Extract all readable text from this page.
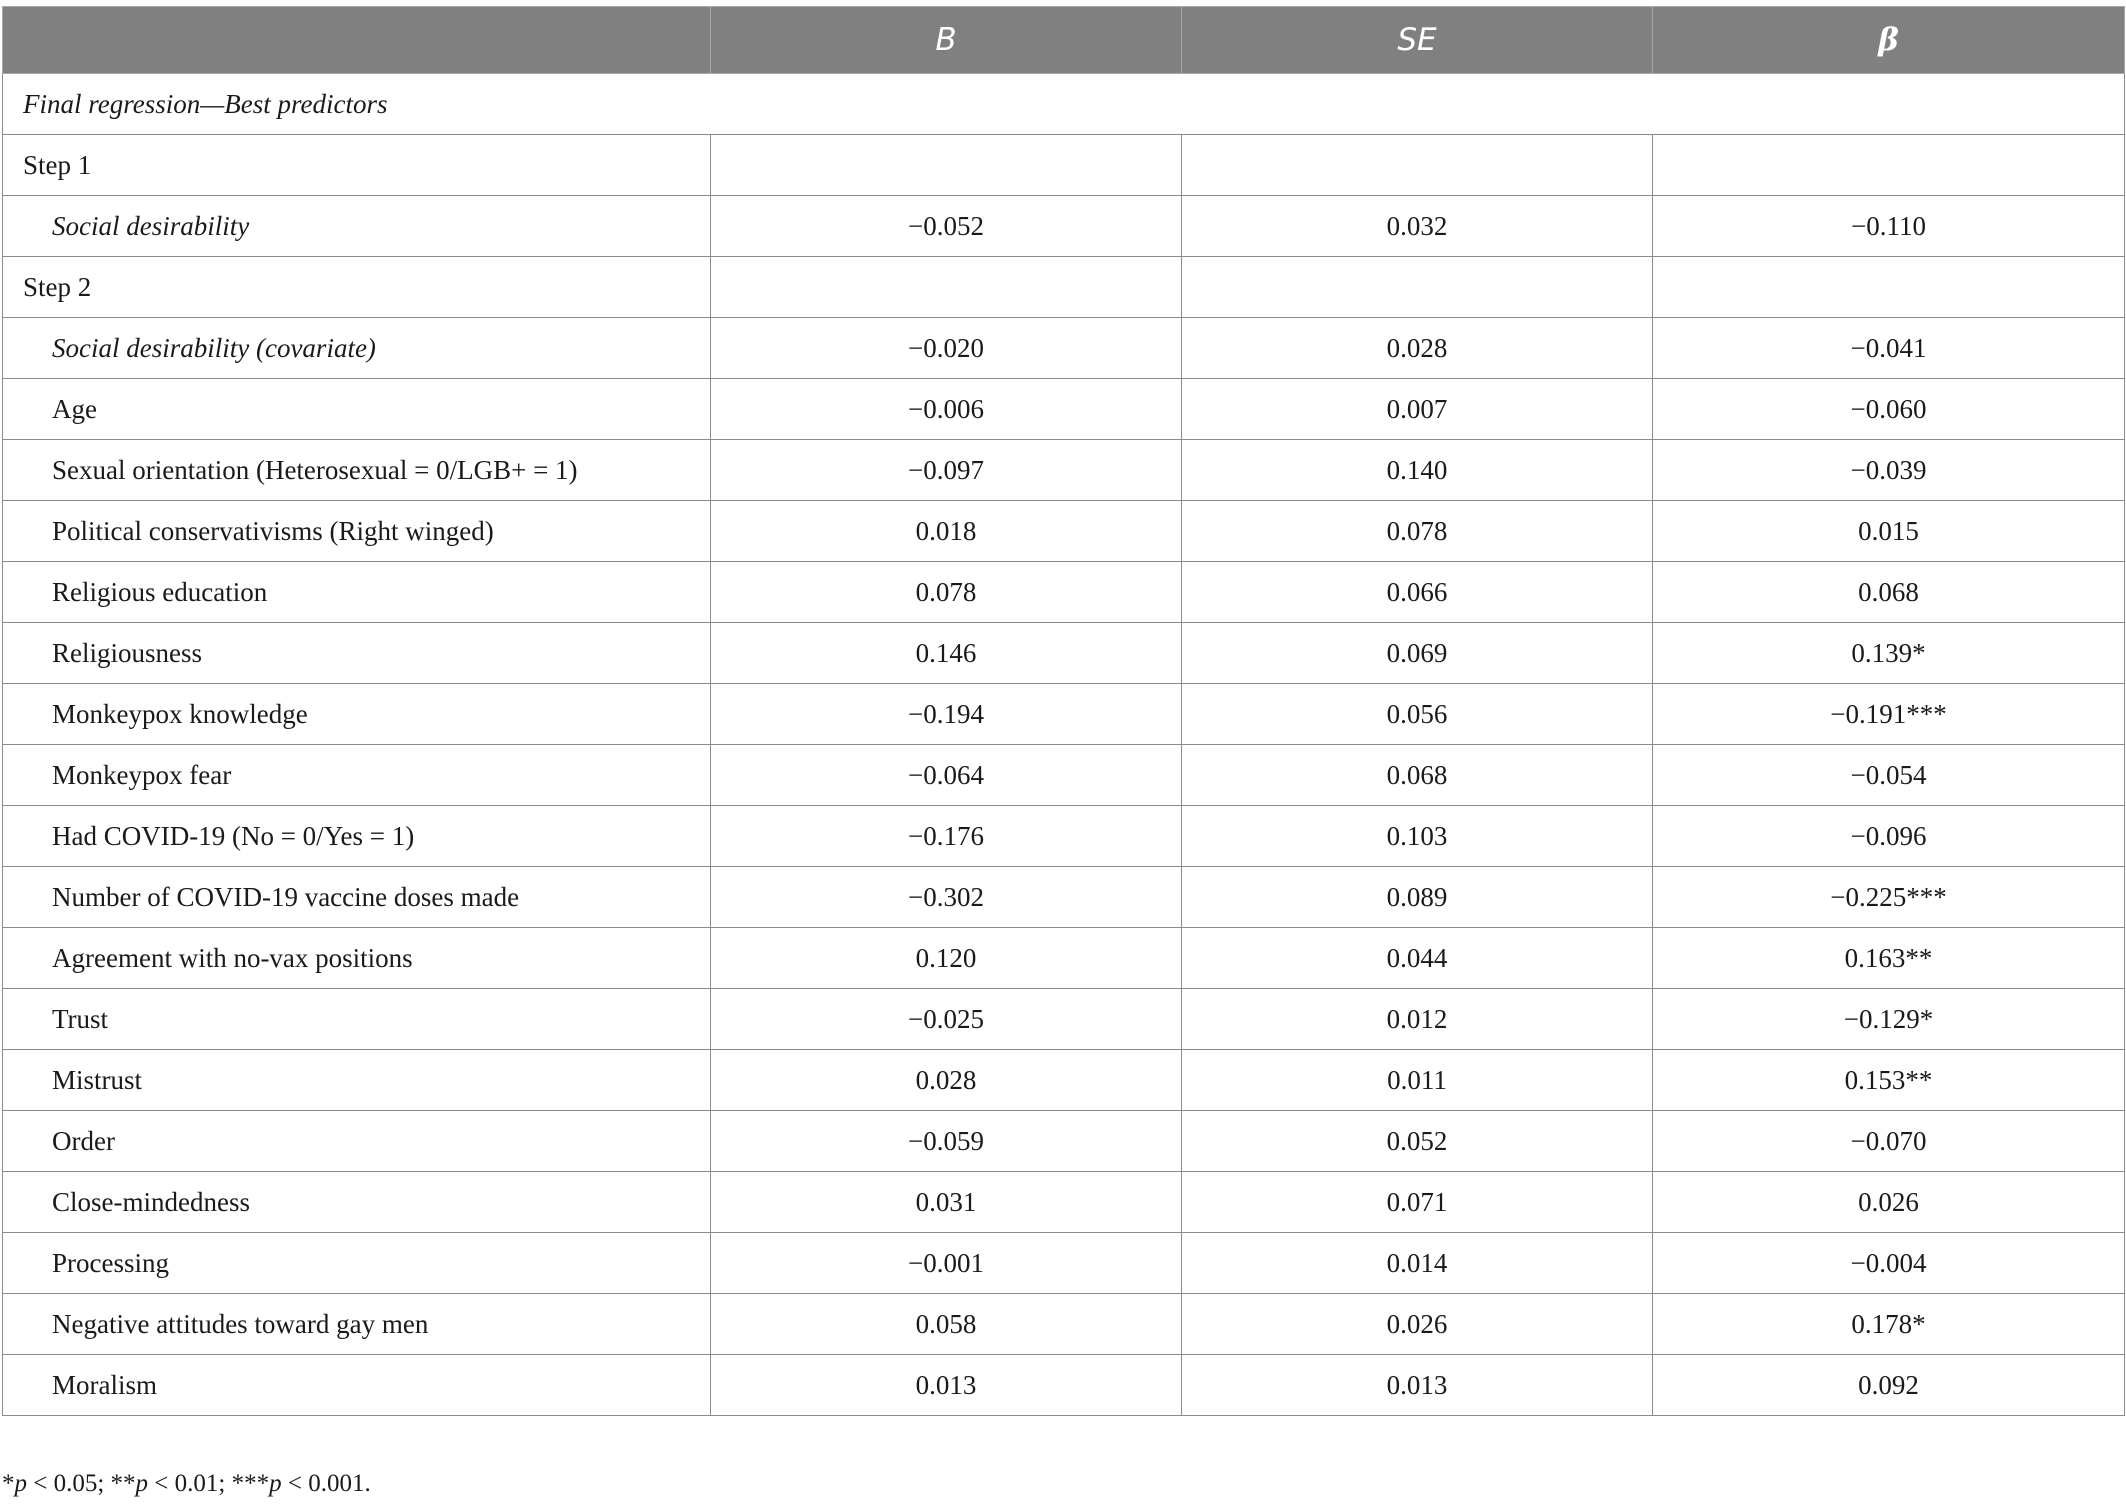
	B	SE	β
Final regression—Best predictors			
Step 1			
Social desirability	−0.052	0.032	−0.110
Step 2			
Social desirability (covariate)	−0.020	0.028	−0.041
Age	−0.006	0.007	−0.060
Sexual orientation (Heterosexual = 0/LGB+ = 1)	−0.097	0.140	−0.039
Political conservativisms (Right winged)	0.018	0.078	0.015
Religious education	0.078	0.066	0.068
Religiousness	0.146	0.069	0.139*
Monkeypox knowledge	−0.194	0.056	−0.191***
Monkeypox fear	−0.064	0.068	−0.054
Had COVID-19 (No = 0/Yes = 1)	−0.176	0.103	−0.096
Number of COVID-19 vaccine doses made	−0.302	0.089	−0.225***
Agreement with no-vax positions	0.120	0.044	0.163**
Trust	−0.025	0.012	−0.129*
Mistrust	0.028	0.011	0.153**
Order	−0.059	0.052	−0.070
Close-mindedness	0.031	0.071	0.026
Processing	−0.001	0.014	−0.004
Negative attitudes toward gay men	0.058	0.026	0.178*
Moralism	0.013	0.013	0.092
*p < 0.05; **p < 0.01; ***p < 0.001.
